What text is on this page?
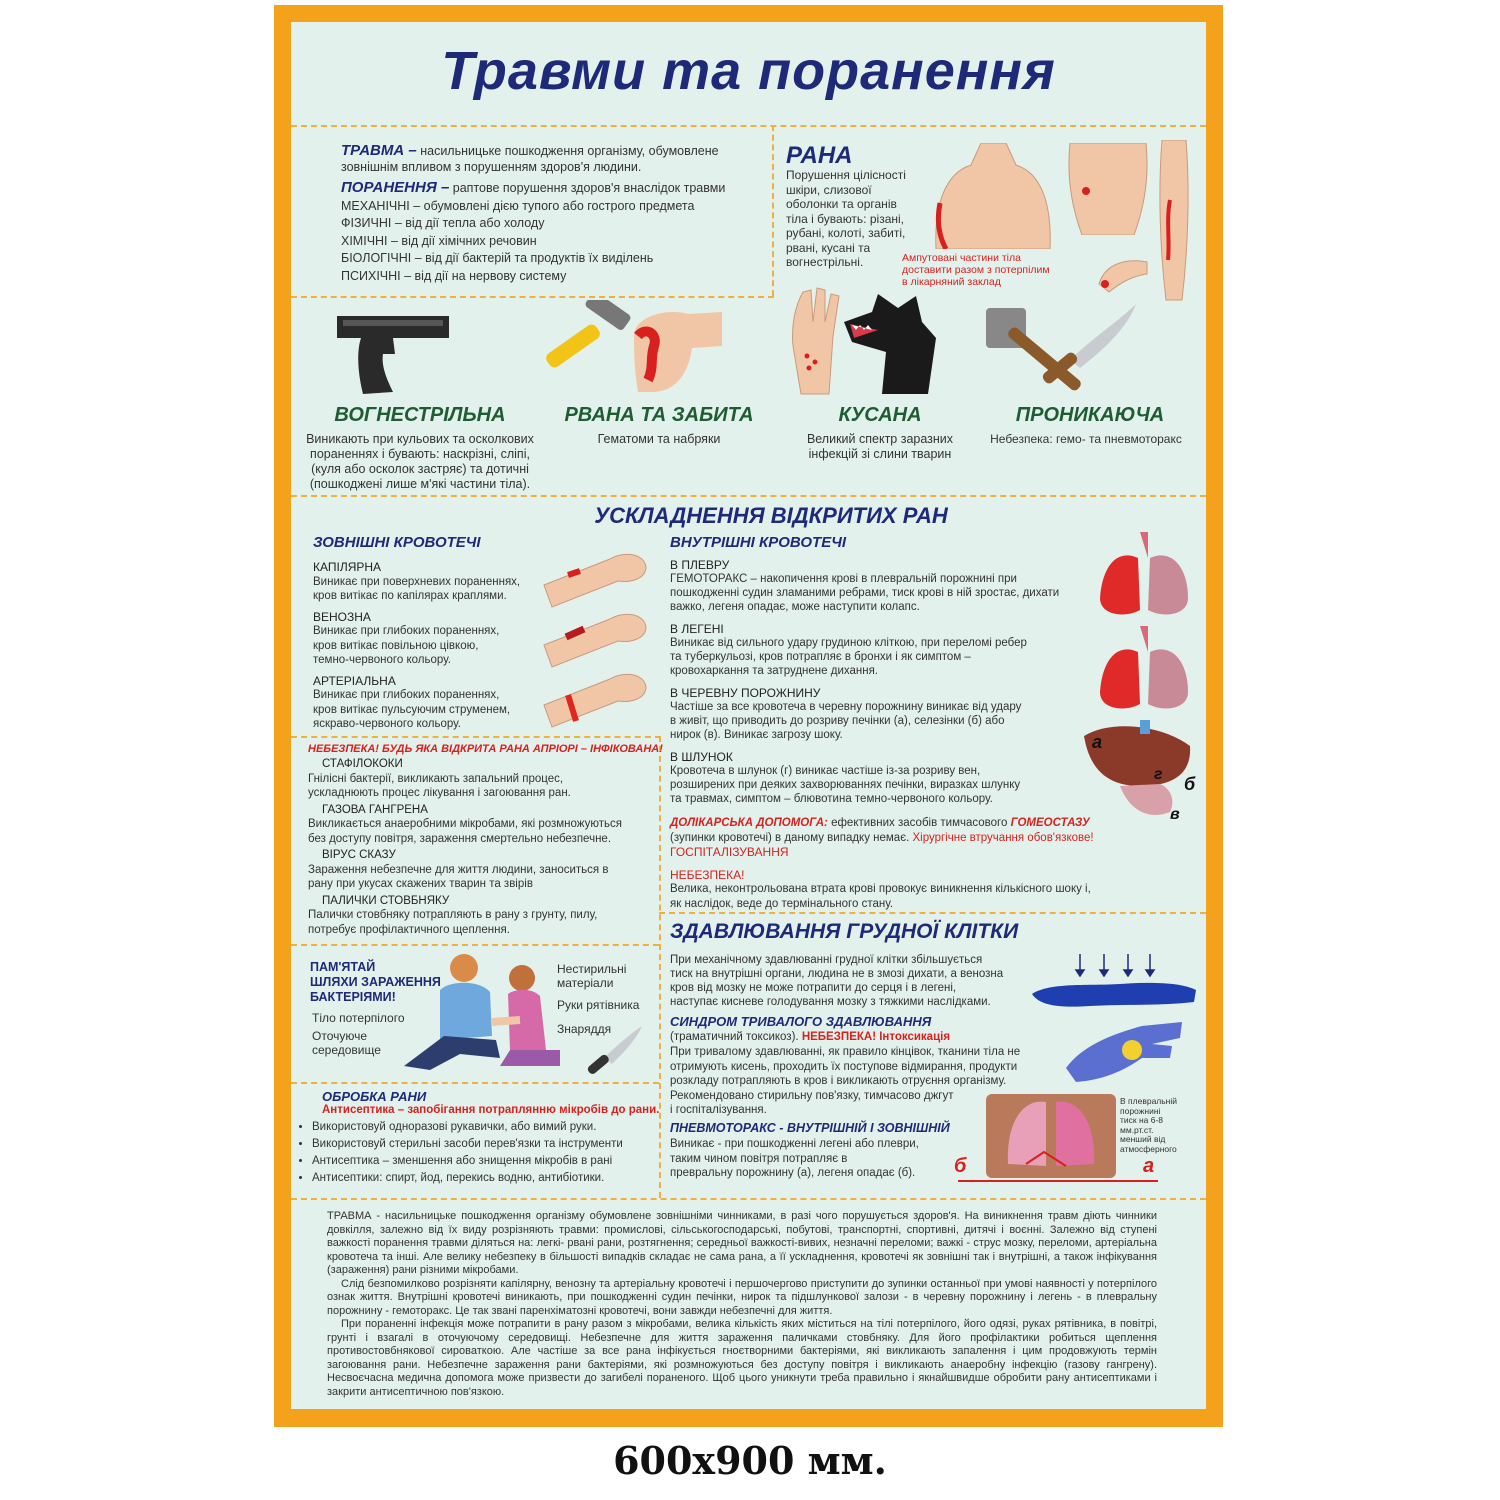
Травми та поранення
ТРАВМА – насильницьке пошкодження організму, обумовлене
зовнішнім впливом з порушенням здоров'я людини.
ПОРАНЕННЯ – раптове порушення здоров'я внаслідок травми
МЕХАНІЧНІ – обумовлені дією тупого або гострого предмета
ФІЗИЧНІ – від дії тепла або холоду
ХІМІЧНІ – від дії хімічних речовин
БІОЛОГІЧНІ – від дії бактерій та продуктів їх виділень
ПСИХІЧНІ – від дії на нервову систему
РАНА
Порушення цілісності
шкіри, слизової
оболонки та органів
тіла і бувають: різані,
рубані, колоті, забиті,
рвані, кусані та
вогнестрільні.	Ампутовані частини тіла
доставити разом з потерпілим
в лікарняний заклад
ВОГНЕСТРІЛЬНА
Виникають при кульових та осколкових
пораненнях і бувають: наскрізні, сліпі,
(куля або осколок застряє) та дотичні
(пошкоджені лише м'які частини тіла).
РВАНА ТА ЗАБИТА
Гематоми та набряки
КУСАНА
Великий спектр заразних
інфекцій зі слини тварин
ПРОНИКАЮЧА
Небезпека: гемо- та пневмоторакс
УСКЛАДНЕННЯ ВІДКРИТИХ РАН
ЗОВНІШНІ КРОВОТЕЧІ
КАПІЛЯРНА
Виникає при поверхневих пораненнях,
кров витікає по капілярах краплями.
ВЕНОЗНА
Виникає при глибоких пораненнях,
кров витікає повільною цівкою,
темно-червоного кольору.
АРТЕРІАЛЬНА
Виникає при глибоких пораненнях,
кров витікає пульсуючим струменем,
яскраво-червоного кольору.
ВНУТРІШНІ КРОВОТЕЧІ
В ПЛЕВРУ
ГЕМОТОРАКС – накопичення крові в плевральній порожнині при
пошкодженні судин зламаними ребрами, тиск крові в ній зростає, дихати
важко, легеня опадає, може наступити колапс.
В ЛЕГЕНІ
Виникає від сильного удару грудиною кліткою, при переломі ребер
та туберкульозі, кров потрапляє в бронхи і як симптом –
кровохаркання та затруднене дихання.
В ЧЕРЕВНУ ПОРОЖНИНУ
Частіше за все кровотеча в черевну порожнину виникає від удару
в живіт, що приводить до розриву печінки (а), селезінки (б) або
нирок (в). Виникає загрозу шоку.
В ШЛУНОК
Кровотеча в шлунок (г) виникає частіше із-за розриву вен,
розширених при деяких захворюваннях печінки, виразках шлунку
та травмах, симптом – блювотина темно-червоного кольору.
а
г б
в
ДОЛІКАРСЬКА ДОПОМОГА: ефективних засобів тимчасового ГОМЕОСТАЗУ
(зупинки кровотечі) в даному випадку немає. Хірургічне втручання обов'язкове!
ГОСПІТАЛІЗУВАННЯ
НЕБЕЗПЕКА!
Велика, неконтрольована втрата крові провокує виникнення кількісного шоку і,
як наслідок, веде до термінального стану.
НЕБЕЗПЕКА! БУДЬ ЯКА ВІДКРИТА РАНА АПРІОРІ – ІНФІКОВАНА!
СТАФІЛОКОКИ
Гнілісні бактерії, викликають запальний процес,
ускладнюють процес лікування і загоювання ран.
ГАЗОВА ГАНГРЕНА
Викликається анаеробними мікробами, які розмножуються
без доступу повітря, зараження смертельно небезпечне.
ВІРУС СКАЗУ
Зараження небезпечне для життя людини, заноситься в
рану при укусах скажених тварин та звірів
ПАЛИЧКИ СТОВБНЯКУ
Палички стовбняку потрапляють в рану з грунту, пилу,
потребує профілактичного щеплення.
ПАМ'ЯТАЙ
ШЛЯХИ ЗАРАЖЕННЯ
БАКТЕРІЯМИ!
Тіло потерпілого
Оточуюче
середовище
Нестирильні
матеріали
Руки рятівника
Знаряддя
ОБРОБКА РАНИ
Антисептика – запобігання потраплянню мікробів до рани.
• Використовуй одноразові рукавички, або вимий руки.
• Використовуй стерильні засоби перев'язки та інструменти
• Антисептика – зменшення або знищення мікробів в рані
• Антисептики: спирт, йод, перекись водню, антибіотики.
ЗДАВЛЮВАННЯ ГРУДНОЇ КЛІТКИ
При механічному здавлюванні грудної клітки збільшується
тиск на внутрішні органи, людина не в змозі дихати, а венозна
кров від мозку не може потрапити до серця і в легені,
наступає кисневе голодування мозку з тяжкими наслідками.
СИНДРОМ ТРИВАЛОГО ЗДАВЛЮВАННЯ
(траматичний токсикоз). НЕБЕЗПЕКА! Інтоксикація
При тривалому здавлюванні, як правило кінцівок, тканини тіла не
отримують кисень, проходить їх поступове відмирання, продукти
розкладу потрапляють в кров і викликають отруєння організму.
Рекомендовано стирильну пов'язку, тимчасово джгут
і госпіталізування.
ПНЕВМОТОРАКС - ВНУТРІШНІЙ І ЗОВНІШНІЙ
Виникає - при пошкодженні легені або плеври,
таким чином повітря потрапляє в
превральну порожнину (а), легеня опадає (б).	б	а
В плевральній
порожнині
тиск на 6-8
мм.рт.ст.
менший від
атмосферного

ТРАВМА - насильницьке пошкодження організму обумовлене зовнішніми чинниками, в разі чого порушується здоров'я. На виникнення травм діють чинники довкілля, залежно від їх виду розрізняють травми: промислові, сільськогосподарські, побутові, транспортні, спортивні, дитячі і воєнні. Залежно від ступені важкості поранення травми діляться на: легкі- рвані рани, розтягнення; середньої важкості-вивих, незначні переломи; важкі - струс мозку, переломи, артеріальна кровотеча та інші. Але велику небезпеку в більшості випадків складає не сама рана, а її ускладнення, кровотечі як зовнішні так і внутрішні, а також інфікування (зараження) рани різними мікробами.

Слід безпомилково розрізняти капілярну, венозну та артеріальну кровотечі і першочергово приступити до зупинки останньої при умові наявності у потерпілого ознак життя. Внутрішні кровотечі виникають, при пошкодженні судин печінки, нирок та підшлункової залози - в черевну порожнину і легень - в плевральну порожнину - гемоторакс. Це так звані паренхіматозні кровотечі, вони завжди небезпечні для життя.

При пораненні інфекція може потрапити в рану разом з мікробами, велика кількість яких міститься на тілі потерпілого, його одязі, руках рятівника, в повітрі, грунті і взагалі в оточуючому середовищі. Небезпечне для життя зараження паличками стовбняку. Для його профілактики робиться щеплення противостовбнякової сироваткою. Але частіше за все рана інфікується гноєтворними бактеріями, які викликають запалення і цим продовжують термін загоювання рани. Небезпечне зараження рани бактеріями, які розмножуються без доступу повітря і викликають анаеробну інфекцію (газову гангрену). Несвоєчасна медична допомога може призвести до загибелі пораненого. Щоб цього уникнути треба правильно і якнайшвидше обробити рану антисептиками і закрити антисептичною пов'язкою.

600x900 мм.
